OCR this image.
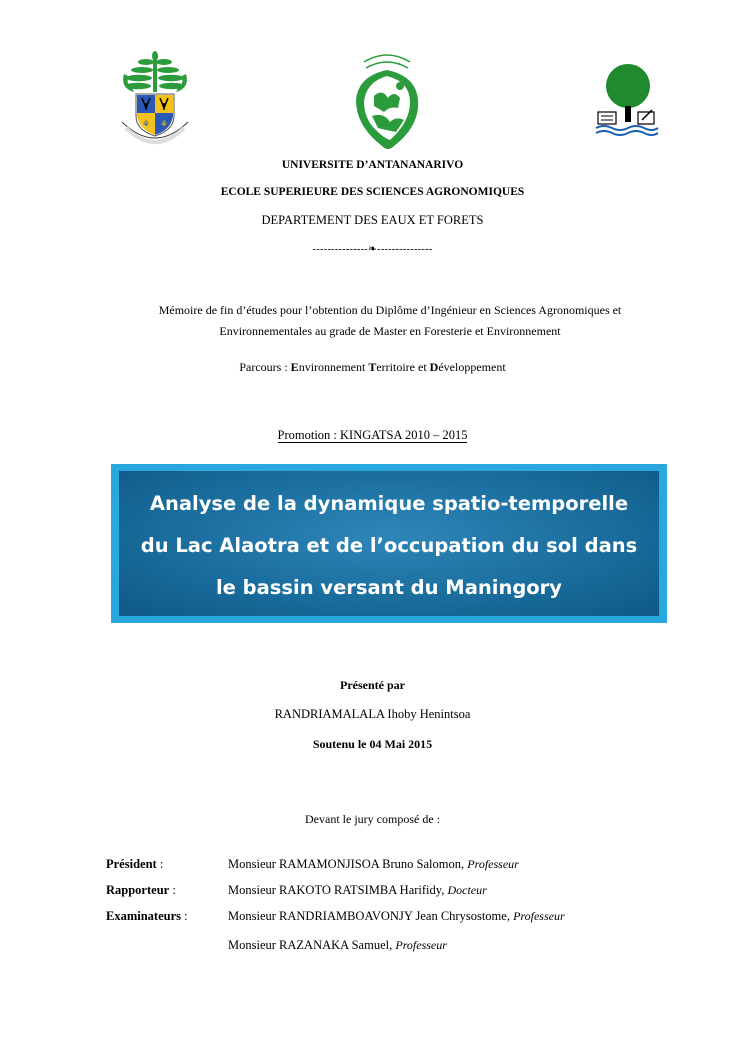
⚘ ⚘
UNIVERSITE D’ANTANANARIVO
ECOLE SUPERIEURE DES SCIENCES AGRONOMIQUES
DEPARTEMENT DES EAUX ET FORETS
---------------❧---------------
Mémoire de fin d’études pour l’obtention du Diplôme d’Ingénieur en Sciences Agronomiques et
Environnementales au grade de Master en Foresterie et Environnement
Parcours : Environnement Territoire et Développement
Promotion : KINGATSA 2010 – 2015
Analyse de la dynamique spatio-temporelle
du Lac Alaotra et de l’occupation du sol dans
le bassin versant du Maningory
Présenté par
RANDRIAMALALA Ihoby Henintsoa
Soutenu le 04 Mai 2015
Devant le jury composé de :
Président :	Monsieur RAMAMONJISOA Bruno Salomon, Professeur
Rapporteur :	Monsieur RAKOTO RATSIMBA Harifidy, Docteur
Examinateurs :	Monsieur RANDRIAMBOAVONJY Jean Chrysostome, Professeur
Monsieur RAZANAKA Samuel, Professeur
